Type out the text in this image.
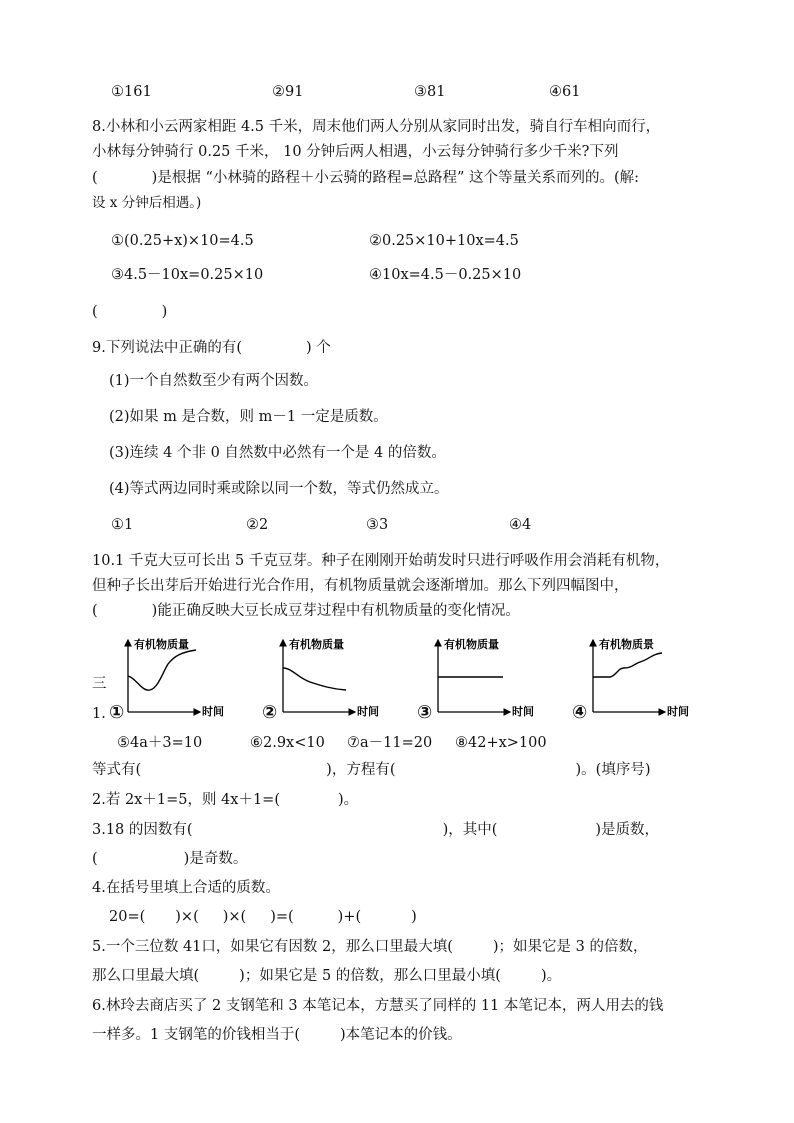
①161	②91	③81	④61
8.小林和小云两家相距 4.5 千米，周末他们两人分别从家同时出发，骑自行车相向而行，
小林每分钟骑行 0.25 千米， 10 分钟后两人相遇，小云每分钟骑行多少千米?下列
(	)是根据 “小林骑的路程＋小云骑的路程=总路程” 这个等量关系而列的。(解:
设 x 分钟后相遇。)
①(0.25+x)×10=4.5	②0.25×10+10x=4.5
③4.5－10x=0.25×10	④10x=4.5－0.25×10
(	)
9.下列说法中正确的有(	) 个
(1)一个自然数至少有两个因数。
(2)如果 m 是合数，则 m－1 一定是质数。
(3)连续 4 个非 0 自然数中必然有一个是 4 的倍数。
(4)等式两边同时乘或除以同一个数，等式仍然成立。
①1	②2	③3	④4
10.1 千克大豆可长出 5 千克豆芽。种子在刚刚开始萌发时只进行呼吸作用会消耗有机物，
但种子长出芽后开始进行光合作用，有机物质量就会逐渐增加。那么下列四幅图中，
(	)能正确反映大豆长成豆芽过程中有机物质量的变化情况。
有机物质量
时间
有机物质量
时间
有机物质量
时间
有机物质景
时间
①	②	③	④
三
1.
⑤4a＋3=10	⑥2.9x<10 ⑦a－11=20 ⑧42+x>100
等式有(	)，方程有(	)。(填序号)
2.若 2x＋1=5，则 4x＋1=(	)。
3.18 的因数有(	)，其中(	)是质数，
(	)是奇数。
4.在括号里填上合适的质数。
20=( )×( )×( )=(	)+(	)
5.一个三位数 41口，如果它有因数 2，那么口里最大填(	)；如果它是 3 的倍数，
那么口里最大填(	)；如果它是 5 的倍数，那么口里最小填(	)。
6.林玲去商店买了 2 支钢笔和 3 本笔记本，方慧买了同样的 11 本笔记本，两人用去的钱
一样多。1 支钢笔的价钱相当于(	)本笔记本的价钱。
